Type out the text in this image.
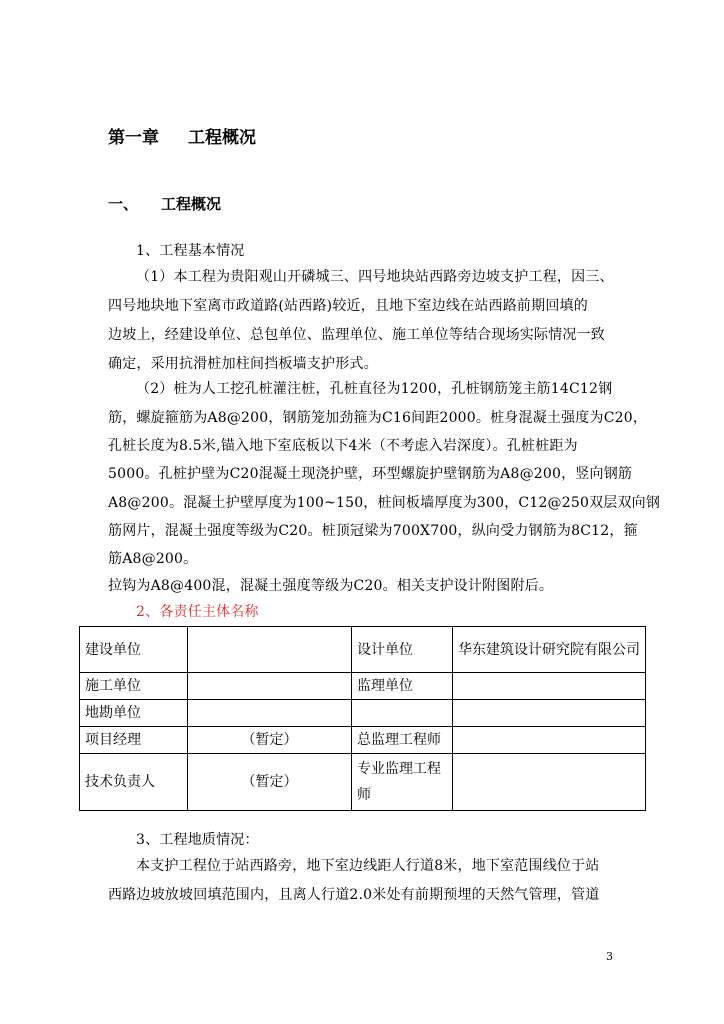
第一章 工程概况
一、 工程概况
1、工程基本情况
（1）本工程为贵阳观山开磷城三、四号地块站西路旁边坡支护工程，因三、
四号地块地下室离市政道路(站西路)较近，且地下室边线在站西路前期回填的
边坡上，经建设单位、总包单位、监理单位、施工单位等结合现场实际情况一致
确定，采用抗滑桩加柱间挡板墙支护形式。
（2）桩为人工挖孔桩灌注桩，孔桩直径为1200，孔桩钢筋笼主筋14C12钢
筋，螺旋箍筋为A8@200，钢筋笼加劲箍为C16间距2000。桩身混凝土强度为C20，
孔桩长度为8.5米,锚入地下室底板以下4米（不考虑入岩深度）。孔桩桩距为
5000。孔桩护壁为C20混凝土现浇护壁，环型螺旋护壁钢筋为A8@200，竖向钢筋
A8@200。混凝土护壁厚度为100~150，桩间板墙厚度为300，C12@250双层双向钢
筋网片，混凝土强度等级为C20。桩顶冠梁为700X700，纵向受力钢筋为8C12，箍
筋A8@200。
拉钩为A8@400混，混凝土强度等级为C20。相关支护设计附图附后。
2、各责任主体名称
建设单位		设计单位	华东建筑设计研究院有限公司
施工单位		监理单位	
地勘单位			
项目经理	（暂定）	总监理工程师	
技术负责人	（暂定）	专业监理工程师	
3、工程地质情况：
本支护工程位于站西路旁，地下室边线距人行道8米，地下室范围线位于站
西路边坡放坡回填范围内，且离人行道2.0米处有前期预埋的天然气管理，管道
3
